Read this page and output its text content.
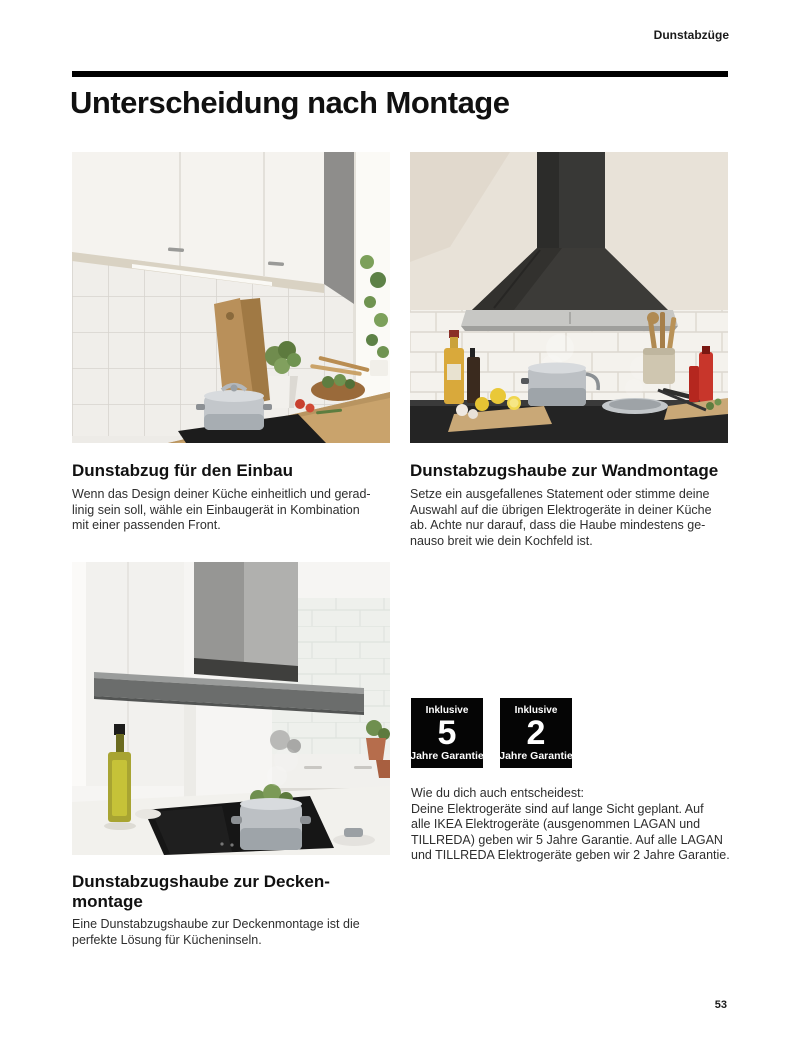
Dunstabzüge
Unterscheidung nach Montage
Dunstabzug für den Einbau
Wenn das Design deiner Küche einheitlich und gerad-
linig sein soll, wähle ein Einbaugerät in Kombination
mit einer passenden Front.
Dunstabzugshaube zur Wandmontage
Setze ein ausgefallenes Statement oder stimme deine
Auswahl auf die übrigen Elektrogeräte in deiner Küche
ab. Achte nur darauf, dass die Haube mindestens ge-
nauso breit wie dein Kochfeld ist.
Dunstabzugshaube zur Decken-
montage
Eine Dunstabzugshaube zur Deckenmontage ist die
perfekte Lösung für Kücheninseln.
Inklusive
5
Jahre Garantie
Inklusive
2
Jahre Garantie
Wie du dich auch entscheidest:
Deine Elektrogeräte sind auf lange Sicht geplant. Auf
alle IKEA Elektrogeräte (ausgenommen LAGAN und
TILLREDA) geben wir 5 Jahre Garantie. Auf alle LAGAN
und TILLREDA Elektrogeräte geben wir 2 Jahre Garantie.
53
